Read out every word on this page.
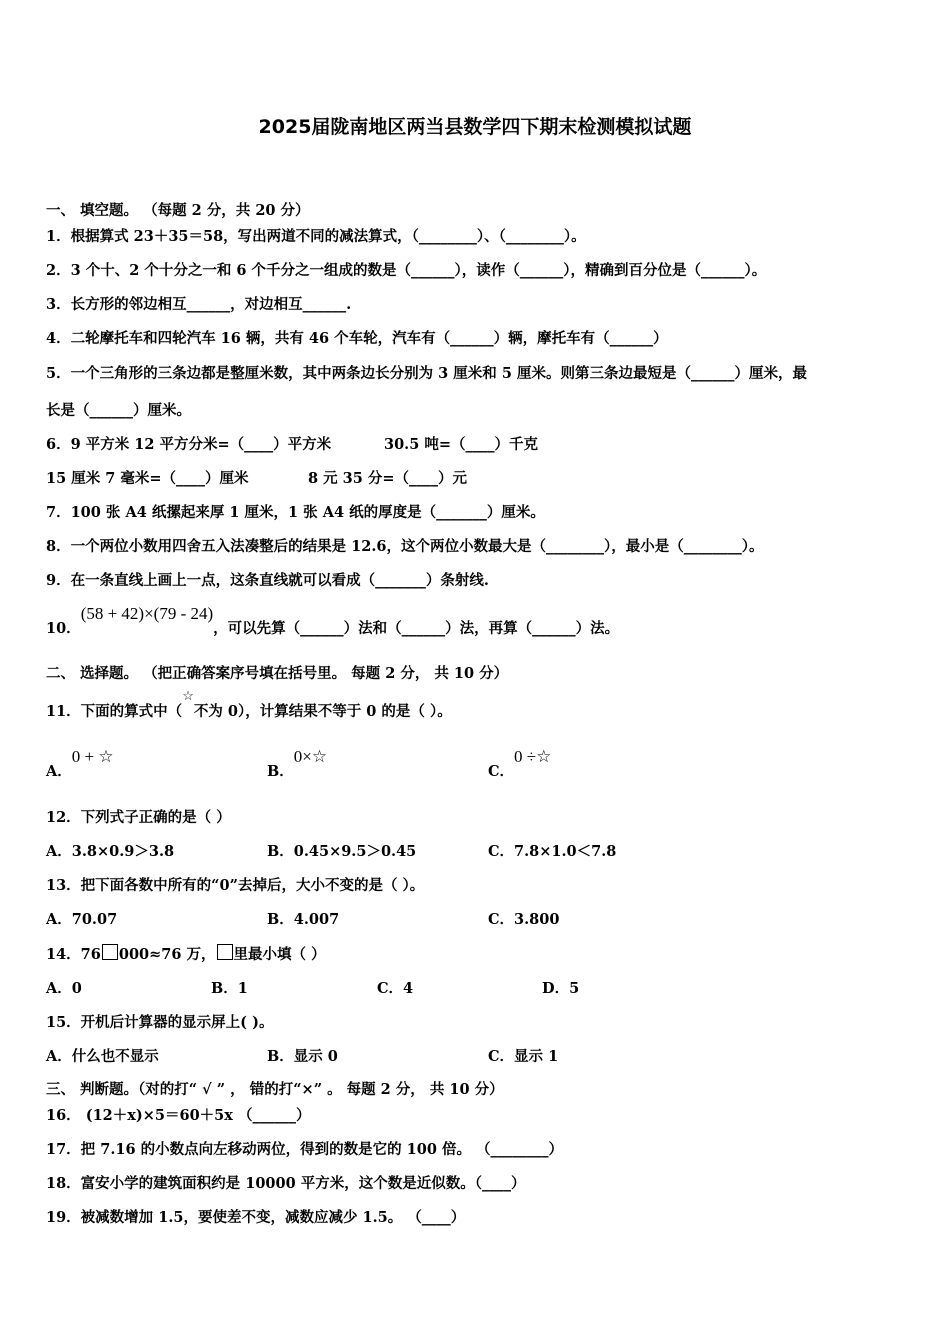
2025届陇南地区两当县数学四下期末检测模拟试题
一、 填空题。 （每题 2 分，共 20 分）
1．根据算式 23＋35＝58，写出两道不同的减法算式，（________）、（________）。
2．3 个十、2 个十分之一和 6 个千分之一组成的数是（______），读作（______），精确到百分位是（______）。
3．长方形的邻边相互______，对边相互______.
4．二轮摩托车和四轮汽车 16 辆，共有 46 个车轮，汽车有（______）辆，摩托车有（______）
5．一个三角形的三条边都是整厘米数，其中两条边长分别为 3 厘米和 5 厘米。则第三条边最短是（______）厘米，最
长是（______）厘米。
6．9 平方米 12 平方分米=（____）平方米	30.5 吨=（____）千克
15 厘米 7 毫米=（____）厘米	8 元 35 分=（____）元
7．100 张 A4 纸摞起来厚 1 厘米，1 张 A4 纸的厚度是（_______）厘米。
8．一个两位小数用四舍五入法凑整后的结果是 12.6，这个两位小数最大是（________），最小是（________）。
9．在一条直线上画上一点，这条直线就可以看成（_______）条射线.
10．(58 + 42)×(79 - 24)，可以先算（______）法和（______）法，再算（______）法。
二、 选择题。 （把正确答案序号填在括号里。 每题 2 分， 共 10 分）
11．下面的算式中（☆不为 0），计算结果不等于 0 的是（ ）。
A．0 + ☆
B．0×☆
C．0 ÷☆
12．下列式子正确的是（ ）
A．3.8×0.9＞3.8	B．0.45×9.5＞0.45	C．7.8×1.0＜7.8
13．把下面各数中所有的“0”去掉后，大小不变的是（ ）。
A．70.07	B．4.007	C．3.800
14．76 000≈76 万， 里最小填（ ）
A．0	B．1	C．4	D．5
15．开机后计算器的显示屏上( )。
A．什么也不显示	B．显示 0	C．显示 1
三、 判断题。（对的打“ √ ” ， 错的打“×” 。 每题 2 分， 共 10 分）
16． (12＋x)×5＝60＋5x （______）
17．把 7.16 的小数点向左移动两位，得到的数是它的 100 倍。 （________）
18．富安小学的建筑面积约是 10000 平方米，这个数是近似数。（____）
19．被减数增加 1.5，要使差不变，减数应减少 1.5。 （____）
